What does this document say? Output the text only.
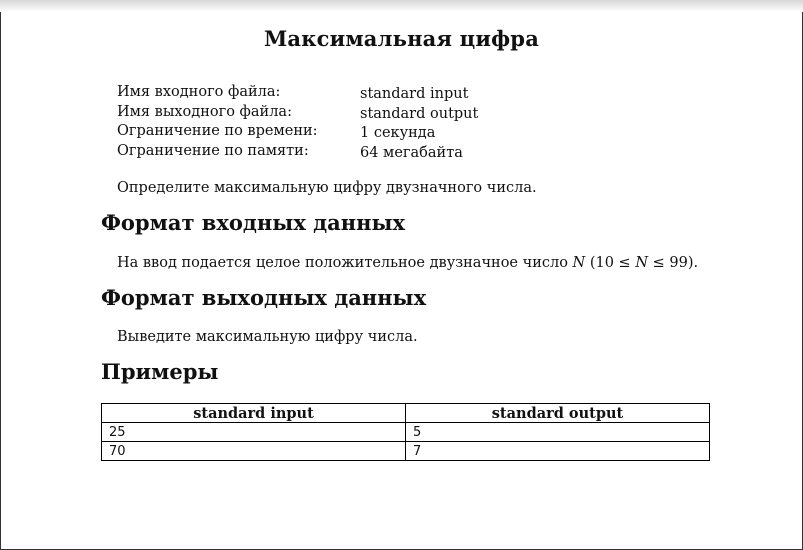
Максимальная цифра
Имя входного файла:	standard input
Имя выходного файла:	standard output
Ограничение по времени:	1 секунда
Ограничение по памяти:	64 мегабайта
Определите максимальную цифру двузначного числа.
Формат входных данных
На ввод подается целое положительное двузначное число N (10 ≤ N ≤ 99).
Формат выходных данных
Выведите максимальную цифру числа.
Примеры
standard input	standard output
25	5
70	7
